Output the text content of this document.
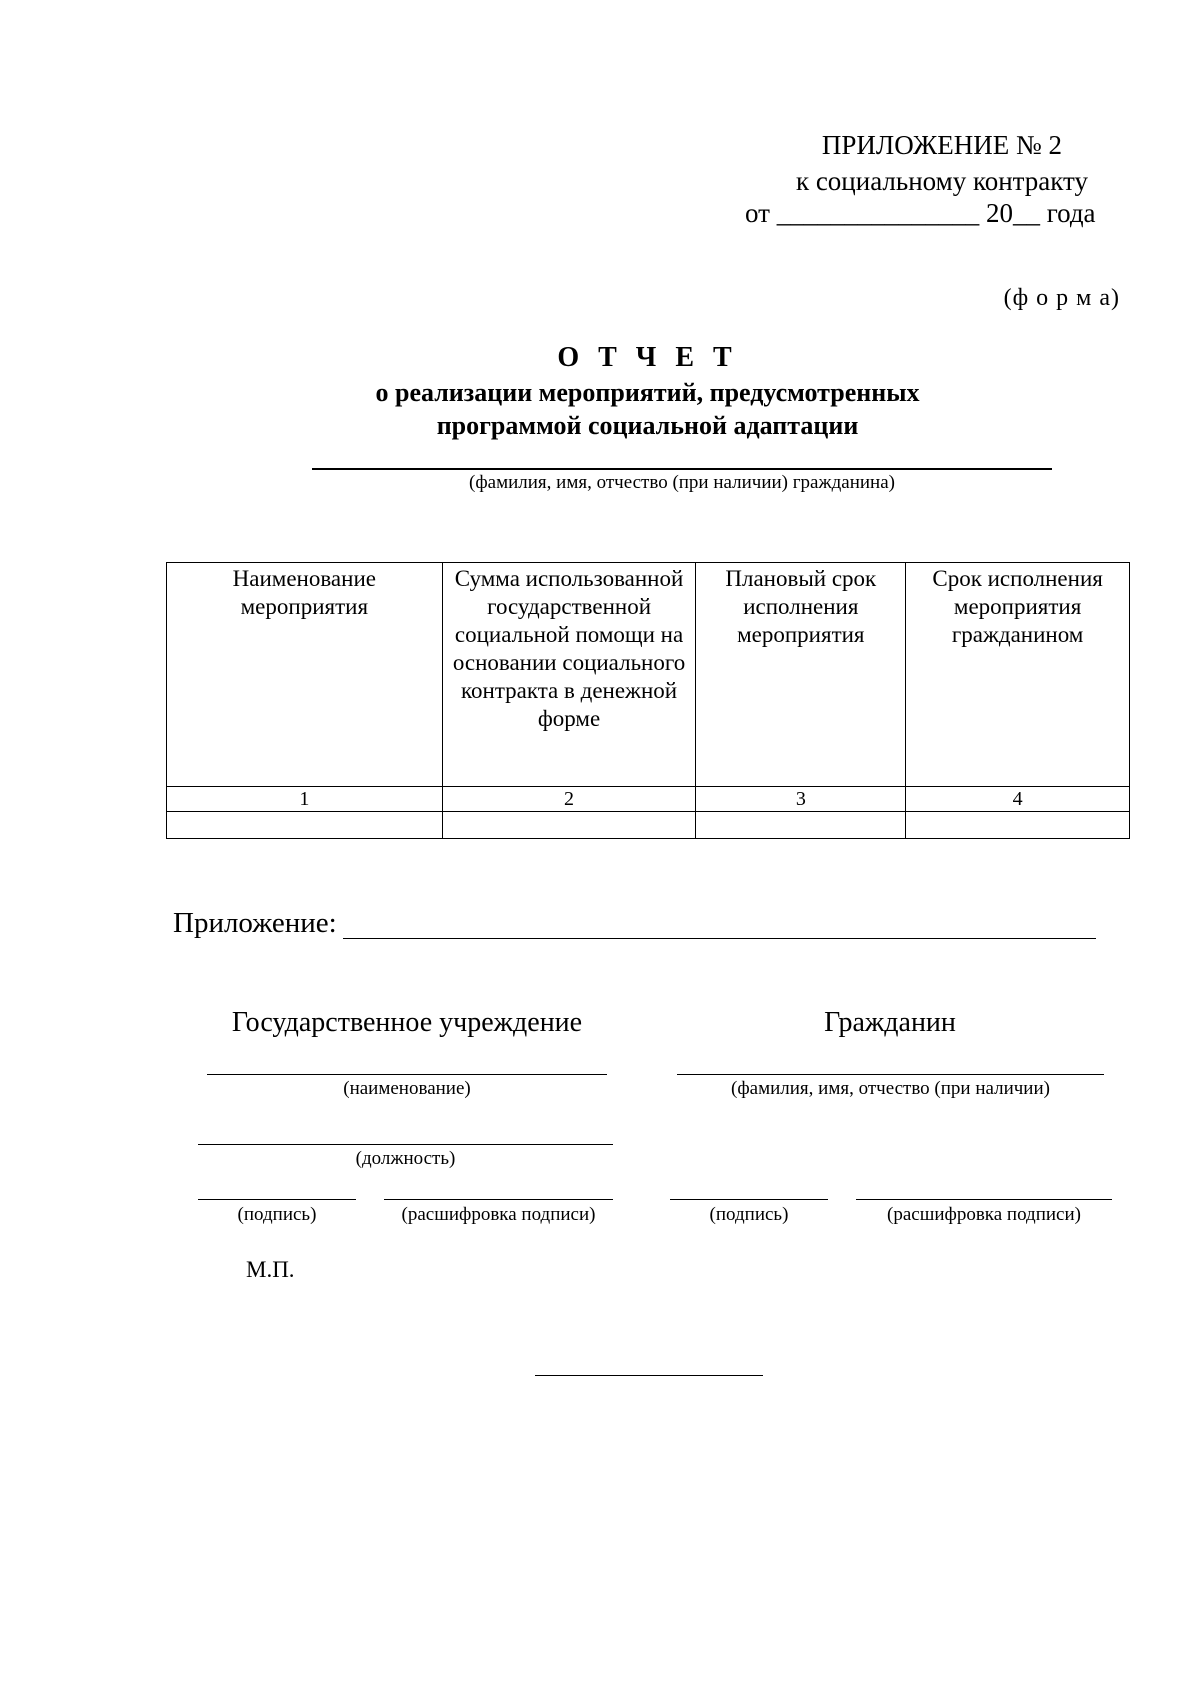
ПРИЛОЖЕНИЕ № 2
к социальному контракту
от _______________ 20__ года
(ф о р м а)
О Т Ч Е Т
о реализации мероприятий, предусмотренных
программой социальной адаптации
(фамилия, имя, отчество (при наличии) гражданина)
Наименование мероприятия	Сумма использованной государственной социальной помощи на основании социального контракта в денежной форме	Плановый срок исполнения мероприятия	Срок исполнения мероприятия гражданином
1	2	3	4

Приложение:
Государственное учреждение	Гражданин
(наименование)	(фамилия, имя, отчество (при наличии)
(должность)
(подпись)	(расшифровка подписи)	(подпись)	(расшифровка подписи)
М.П.
